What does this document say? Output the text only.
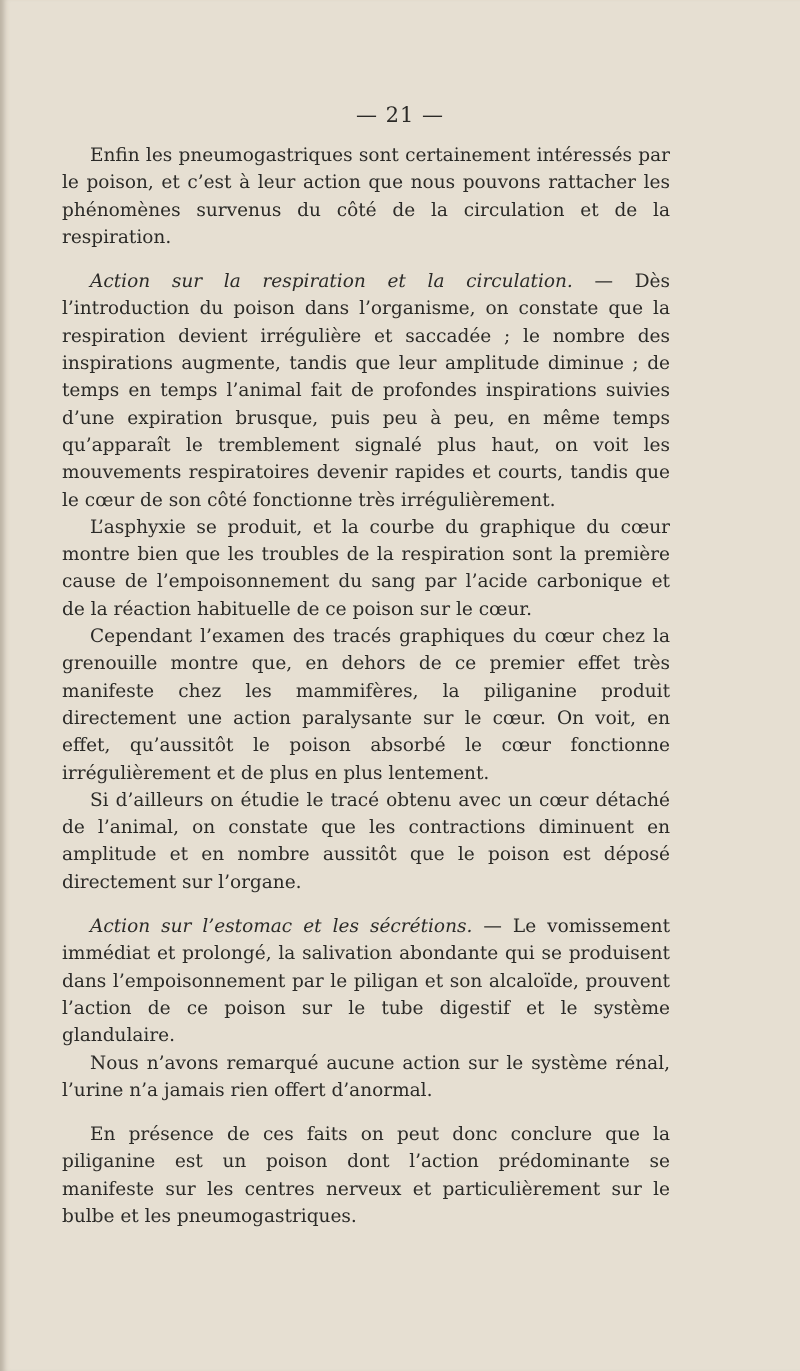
— 21 —

Enfin les pneumogastriques sont certainement intéressés par le poison, et c’est à leur action que nous pouvons rattacher les phénomènes survenus du côté de la circulation et de la respiration.

Action sur la respiration et la circulation. — Dès l’introduction du poison dans l’organisme, on constate que la respiration devient irrégulière et saccadée ; le nombre des inspirations augmente, tandis que leur amplitude diminue ; de temps en temps l’animal fait de profondes inspirations suivies d’une expiration brusque, puis peu à peu, en même temps qu’apparaît le tremblement signalé plus haut, on voit les mouvements respiratoires devenir rapides et courts, tandis que le cœur de son côté fonctionne très irrégulièrement.

L’asphyxie se produit, et la courbe du graphique du cœur montre bien que les troubles de la respiration sont la première cause de l’empoisonnement du sang par l’acide carbonique et de la réaction habituelle de ce poison sur le cœur.

Cependant l’examen des tracés graphiques du cœur chez la grenouille montre que, en dehors de ce premier effet très manifeste chez les mammifères, la piliganine produit directement une action paralysante sur le cœur. On voit, en effet, qu’aussitôt le poison absorbé le cœur fonctionne irrégulièrement et de plus en plus lentement.

Si d’ailleurs on étudie le tracé obtenu avec un cœur détaché de l’animal, on constate que les contractions diminuent en amplitude et en nombre aussitôt que le poison est déposé directement sur l’organe.

Action sur l’estomac et les sécrétions. — Le vomissement immédiat et prolongé, la salivation abondante qui se produisent dans l’empoisonnement par le piligan et son alcaloïde, prouvent l’action de ce poison sur le tube digestif et le système glandulaire.

Nous n’avons remarqué aucune action sur le système rénal, l’urine n’a jamais rien offert d’anormal.

En présence de ces faits on peut donc conclure que la piliganine est un poison dont l’action prédominante se manifeste sur les centres nerveux et particulièrement sur le bulbe et les pneumogastriques.
